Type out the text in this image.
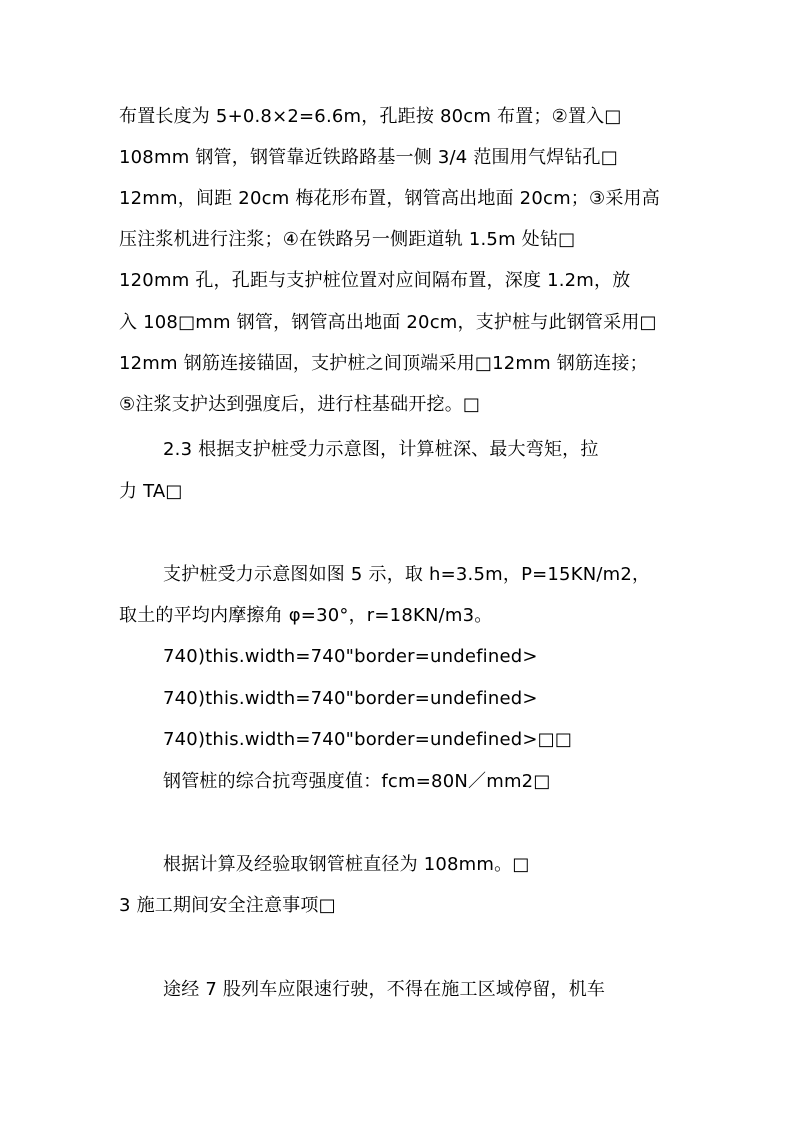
布置长度为 5+0.8×2=6.6m，孔距按 80cm 布置；②置入□
108mm 钢管，钢管靠近铁路路基一侧 3/4 范围用气焊钻孔□
12mm，间距 20cm 梅花形布置，钢管高出地面 20cm；③采用高
压注浆机进行注浆；④在铁路另一侧距道轨 1.5m 处钻□
120mm 孔，孔距与支护桩位置对应间隔布置，深度 1.2m，放
入 108□mm 钢管，钢管高出地面 20cm，支护桩与此钢管采用□
12mm 钢筋连接锚固，支护桩之间顶端采用□12mm 钢筋连接；
⑤注浆支护达到强度后，进行柱基础开挖。□
2.3 根据支护桩受力示意图，计算桩深、最大弯矩，拉
力 TA□
支护桩受力示意图如图 5 示，取 h=3.5m，P=15KN/m2，
取土的平均内摩擦角 φ=30°，r=18KN/m3。
740)this.width=740"border=undefined>
740)this.width=740"border=undefined>
740)this.width=740"border=undefined>□□
钢管桩的综合抗弯强度值：fcm=80N／mm2□
根据计算及经验取钢管桩直径为 108mm。□
3 施工期间安全注意事项□
途经 7 股列车应限速行驶，不得在施工区域停留，机车
